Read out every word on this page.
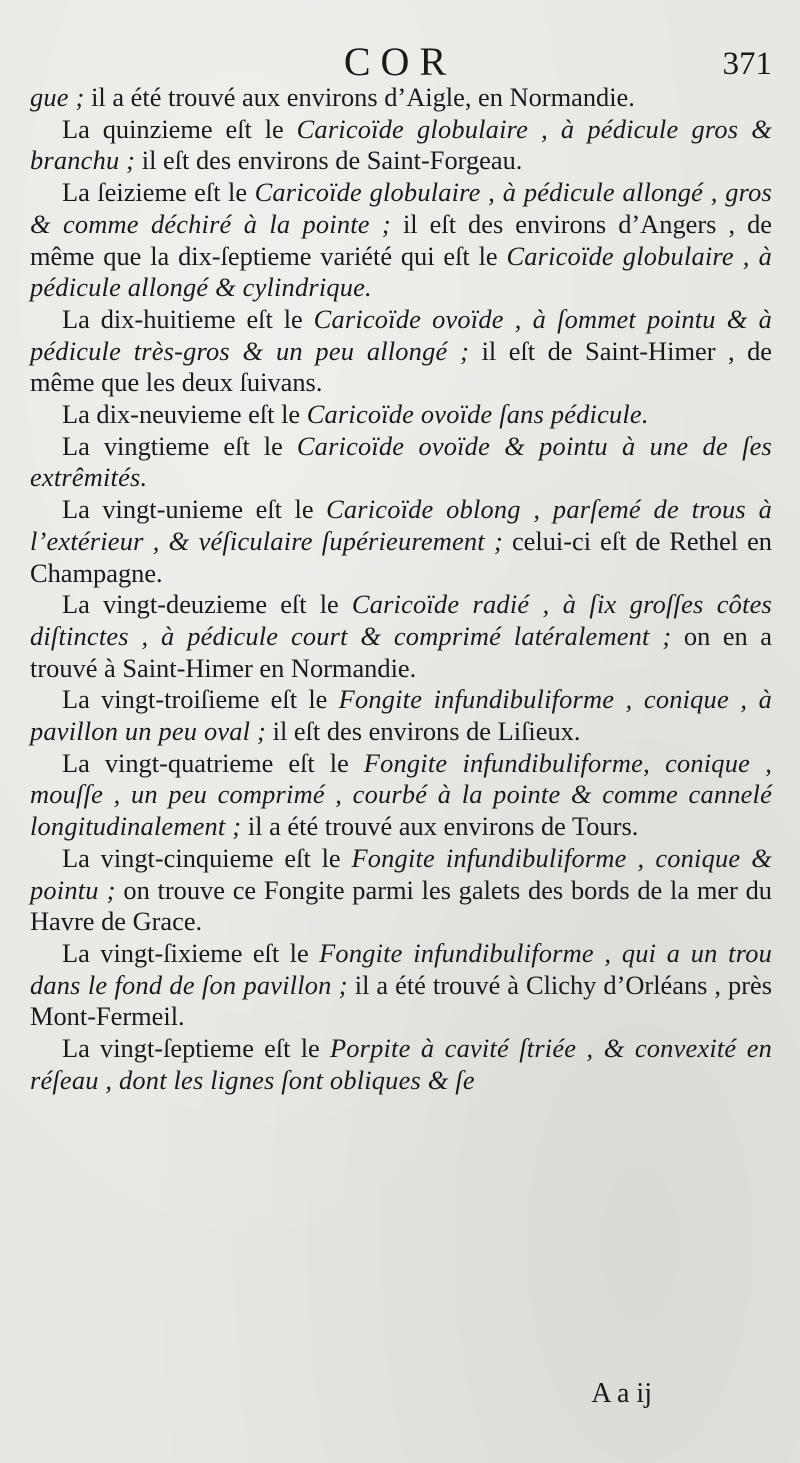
COR	371

gue ; il a été trouvé aux environs d’Aigle, en Normandie.

La quinzieme eſt le Caricoïde globulaire , à pédicule gros & branchu ; il eſt des environs de Saint-Forgeau.

La ſeizieme eſt le Caricoïde globulaire , à pédicule allongé , gros & comme déchiré à la pointe ; il eſt des environs d’Angers , de même que la dix-ſeptieme variété qui eſt le Caricoïde globulaire , à pédicule allongé & cylindrique.

La dix-huitieme eſt le Caricoïde ovoïde , à ſommet pointu & à pédicule très-gros & un peu allongé ; il eſt de Saint-Himer , de même que les deux ſuivans.

La dix-neuvieme eſt le Caricoïde ovoïde ſans pédicule.

La vingtieme eſt le Caricoïde ovoïde & pointu à une de ſes extrêmités.

La vingt-unieme eſt le Caricoïde oblong , parſemé de trous à l’extérieur , & véſiculaire ſupérieurement ; celui-ci eſt de Rethel en Champagne.

La vingt-deuzieme eſt le Caricoïde radié , à ſix groſſes côtes diſtinctes , à pédicule court & comprimé latéralement ; on en a trouvé à Saint-Himer en Normandie.

La vingt-troiſieme eſt le Fongite infundibuliforme , conique , à pavillon un peu oval ; il eſt des environs de Liſieux.

La vingt-quatrieme eſt le Fongite infundibuliforme, conique , mouſſe , un peu comprimé , courbé à la pointe & comme cannelé longitudinalement ; il a été trouvé aux environs de Tours.

La vingt-cinquieme eſt le Fongite infundibuliforme , conique & pointu ; on trouve ce Fongite parmi les galets des bords de la mer du Havre de Grace.

La vingt-ſixieme eſt le Fongite infundibuliforme , qui a un trou dans le fond de ſon pavillon ; il a été trouvé à Clichy d’Orléans , près Mont-Fermeil.

La vingt-ſeptieme eſt le Porpite à cavité ſtriée , & convexité en réſeau , dont les lignes ſont obliques & ſe

A a ij
